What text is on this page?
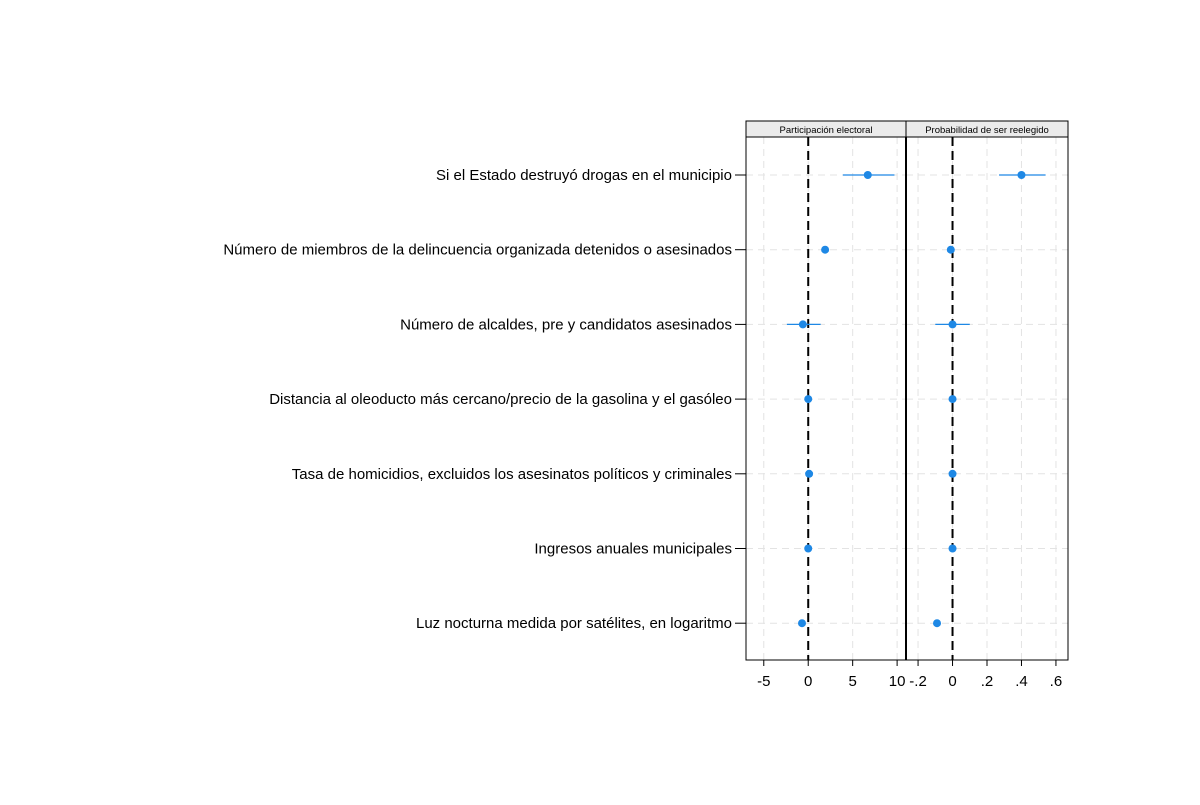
Si el Estado destruyó drogas en el municipio
Número de miembros de la delincuencia organizada detenidos o asesinados
Número de alcaldes, pre y candidatos asesinados
Distancia al oleoducto más cercano/precio de la gasolina y el gasóleo
Tasa de homicidios, excluidos los asesinatos políticos y criminales
Ingresos anuales municipales
Luz nocturna medida por satélites, en logaritmo
Participación electoral
-5 0 5 10
Probabilidad de ser reelegido
-.2 0 .2 .4 .6
